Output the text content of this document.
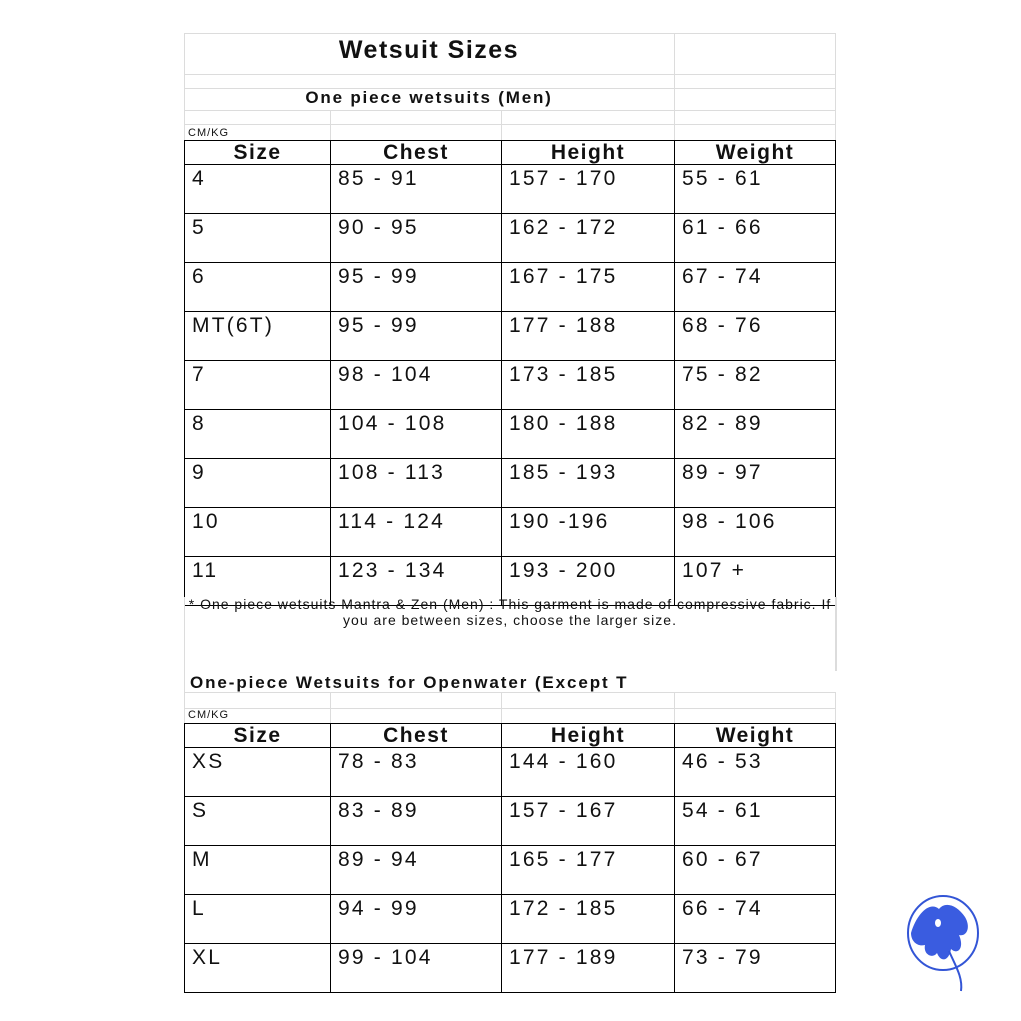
Wetsuit Sizes
One piece wetsuits (Men)
CM/KG
Size	Chest	Height	Weight
4	85 - 91	157 - 170	55 - 61
5	90 - 95	162 - 172	61 - 66
6	95 - 99	167 - 175	67 - 74
MT(6T)	95 - 99	177 - 188	68 - 76
7	98 - 104	173 - 185	75 - 82
8	104 - 108	180 - 188	82 - 89
9	108 - 113	185 - 193	89 - 97
10	114 - 124	190 -196	98 - 106
11	123 - 134	193 - 200	107 +
* One piece wetsuits Mantra & Zen (Men) : This garment is made of compressive fabric. If you are between sizes, choose the larger size.
One-piece Wetsuits for Openwater (Except T
CM/KG
Size	Chest	Height	Weight
XS	78 - 83	144 - 160	46 - 53
S	83 - 89	157 - 167	54 - 61
M	89 - 94	165 - 177	60 - 67
L	94 - 99	172 - 185	66 - 74
XL	99 - 104	177 - 189	73 - 79
